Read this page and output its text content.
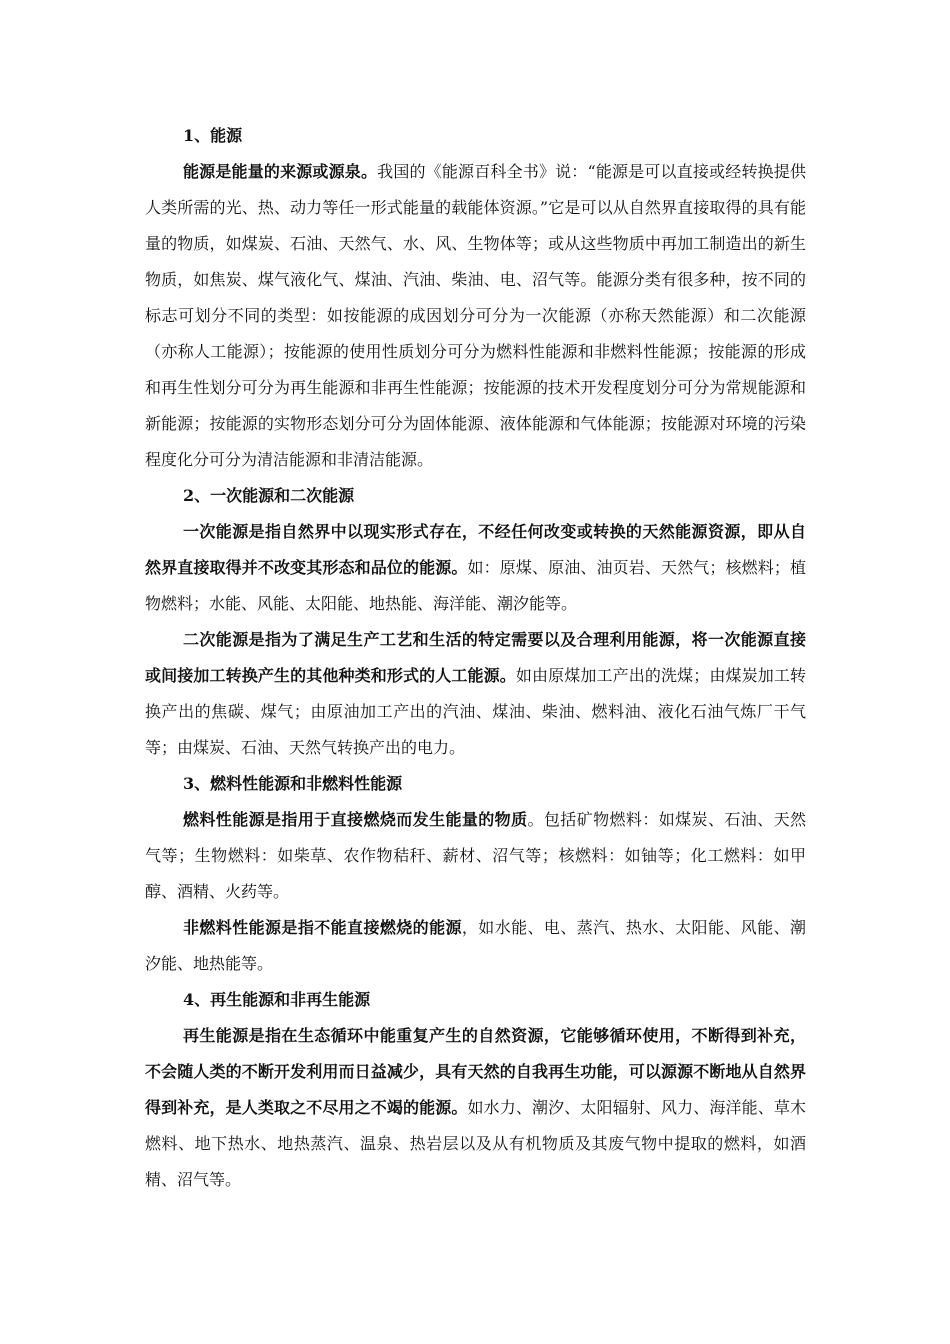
1、能源

能源是能量的来源或源泉。我国的《能源百科全书》说：“能源是可以直接或经转换提供人类所需的光、热、动力等任一形式能量的载能体资源。”它是可以从自然界直接取得的具有能量的物质，如煤炭、石油、天然气、水、风、生物体等；或从这些物质中再加工制造出的新生物质，如焦炭、煤气液化气、煤油、汽油、柴油、电、沼气等。能源分类有很多种，按不同的标志可划分不同的类型：如按能源的成因划分可分为一次能源（亦称天然能源）和二次能源（亦称人工能源）；按能源的使用性质划分可分为燃料性能源和非燃料性能源；按能源的形成和再生性划分可分为再生能源和非再生性能源；按能源的技术开发程度划分可分为常规能源和新能源；按能源的实物形态划分可分为固体能源、液体能源和气体能源；按能源对环境的污染程度化分可分为清洁能源和非清洁能源。

2、一次能源和二次能源

一次能源是指自然界中以现实形式存在，不经任何改变或转换的天然能源资源，即从自然界直接取得并不改变其形态和品位的能源。如：原煤、原油、油页岩、天然气；核燃料；植物燃料；水能、风能、太阳能、地热能、海洋能、潮汐能等。

二次能源是指为了满足生产工艺和生活的特定需要以及合理利用能源，将一次能源直接或间接加工转换产生的其他种类和形式的人工能源。如由原煤加工产出的洗煤；由煤炭加工转换产出的焦碳、煤气；由原油加工产出的汽油、煤油、柴油、燃料油、液化石油气炼厂干气等；由煤炭、石油、天然气转换产出的电力。

3、燃料性能源和非燃料性能源

燃料性能源是指用于直接燃烧而发生能量的物质。包括矿物燃料：如煤炭、石油、天然气等；生物燃料：如柴草、农作物秸秆、薪材、沼气等；核燃料：如铀等；化工燃料：如甲醇、酒精、火药等。

非燃料性能源是指不能直接燃烧的能源，如水能、电、蒸汽、热水、太阳能、风能、潮汐能、地热能等。

4、再生能源和非再生能源

再生能源是指在生态循环中能重复产生的自然资源，它能够循环使用，不断得到补充，不会随人类的不断开发利用而日益减少，具有天然的自我再生功能，可以源源不断地从自然界得到补充，是人类取之不尽用之不竭的能源。如水力、潮汐、太阳辐射、风力、海洋能、草木燃料、地下热水、地热蒸汽、温泉、热岩层以及从有机物质及其废气物中提取的燃料，如酒精、沼气等。
